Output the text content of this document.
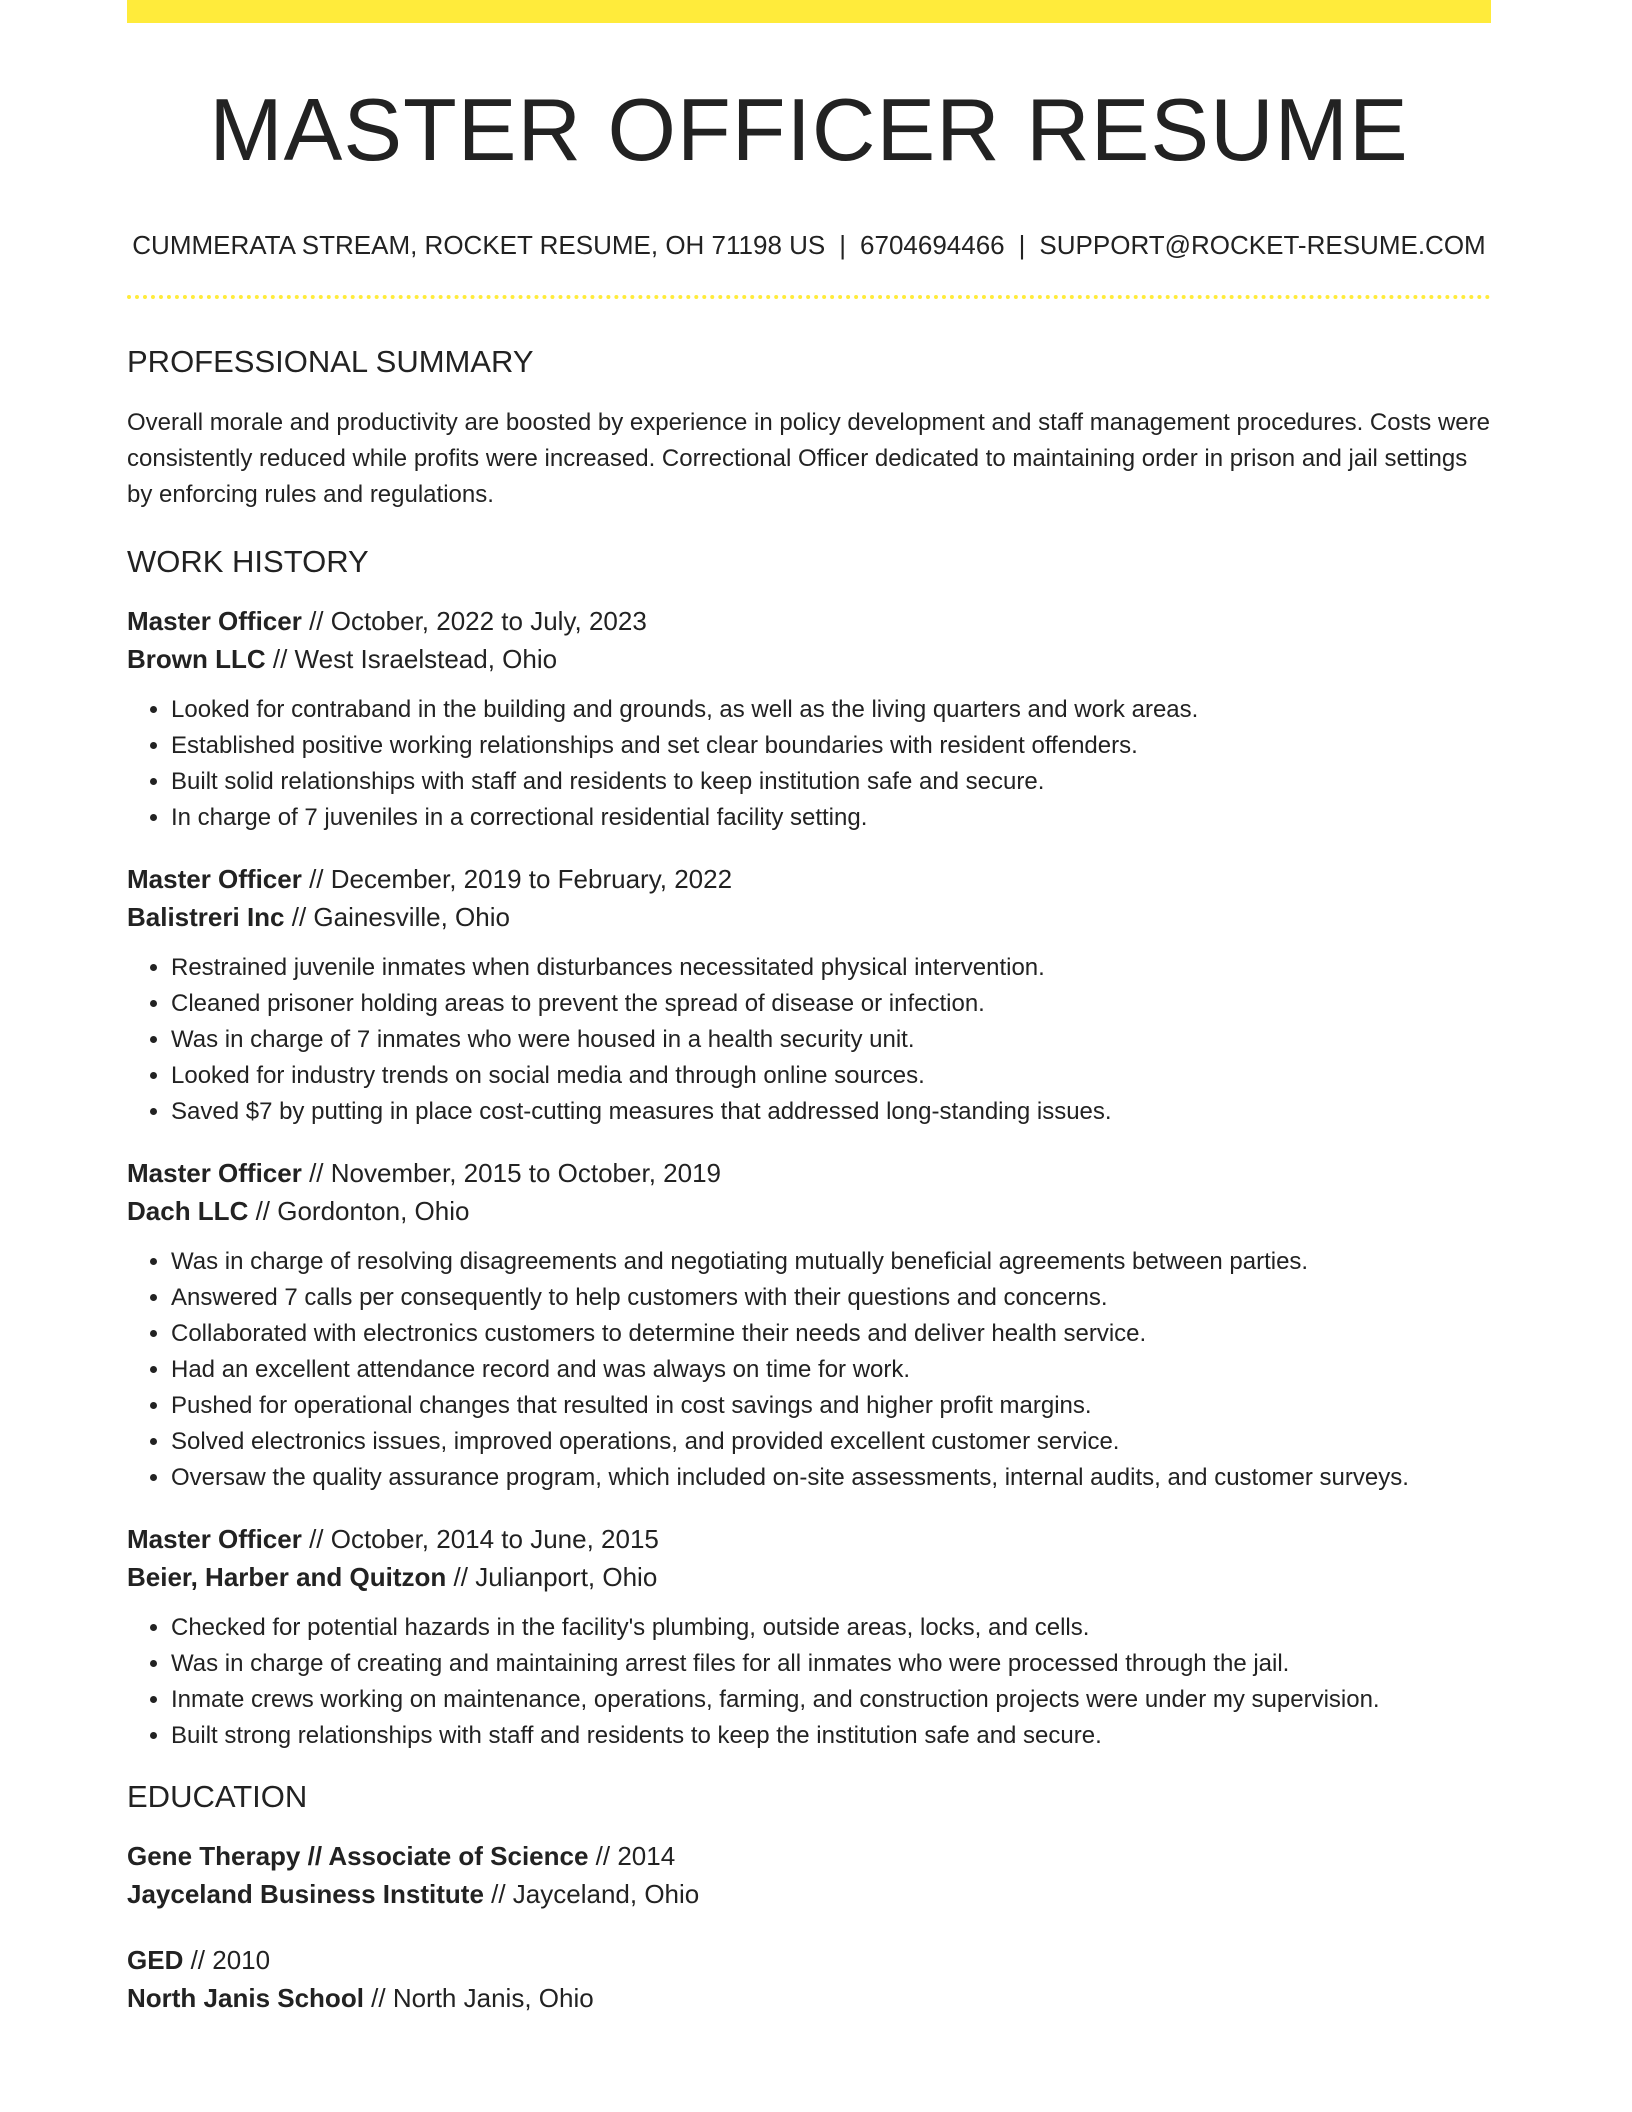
MASTER OFFICER RESUME
CUMMERATA STREAM, ROCKET RESUME, OH 71198 US | 6704694466 | SUPPORT@ROCKET-RESUME.COM
PROFESSIONAL SUMMARY
Overall morale and productivity are boosted by experience in policy development and staff management procedures. Costs were consistently reduced while profits were increased. Correctional Officer dedicated to maintaining order in prison and jail settings by enforcing rules and regulations.
WORK HISTORY
Master Officer // October, 2022 to July, 2023
Brown LLC // West Israelstead, Ohio
• Looked for contraband in the building and grounds, as well as the living quarters and work areas.
• Established positive working relationships and set clear boundaries with resident offenders.
• Built solid relationships with staff and residents to keep institution safe and secure.
• In charge of 7 juveniles in a correctional residential facility setting.
Master Officer // December, 2019 to February, 2022
Balistreri Inc // Gainesville, Ohio
• Restrained juvenile inmates when disturbances necessitated physical intervention.
• Cleaned prisoner holding areas to prevent the spread of disease or infection.
• Was in charge of 7 inmates who were housed in a health security unit.
• Looked for industry trends on social media and through online sources.
• Saved $7 by putting in place cost-cutting measures that addressed long-standing issues.
Master Officer // November, 2015 to October, 2019
Dach LLC // Gordonton, Ohio
• Was in charge of resolving disagreements and negotiating mutually beneficial agreements between parties.
• Answered 7 calls per consequently to help customers with their questions and concerns.
• Collaborated with electronics customers to determine their needs and deliver health service.
• Had an excellent attendance record and was always on time for work.
• Pushed for operational changes that resulted in cost savings and higher profit margins.
• Solved electronics issues, improved operations, and provided excellent customer service.
• Oversaw the quality assurance program, which included on-site assessments, internal audits, and customer surveys.
Master Officer // October, 2014 to June, 2015
Beier, Harber and Quitzon // Julianport, Ohio
• Checked for potential hazards in the facility's plumbing, outside areas, locks, and cells.
• Was in charge of creating and maintaining arrest files for all inmates who were processed through the jail.
• Inmate crews working on maintenance, operations, farming, and construction projects were under my supervision.
• Built strong relationships with staff and residents to keep the institution safe and secure.
EDUCATION
Gene Therapy // Associate of Science // 2014
Jayceland Business Institute // Jayceland, Ohio
GED // 2010
North Janis School // North Janis, Ohio
